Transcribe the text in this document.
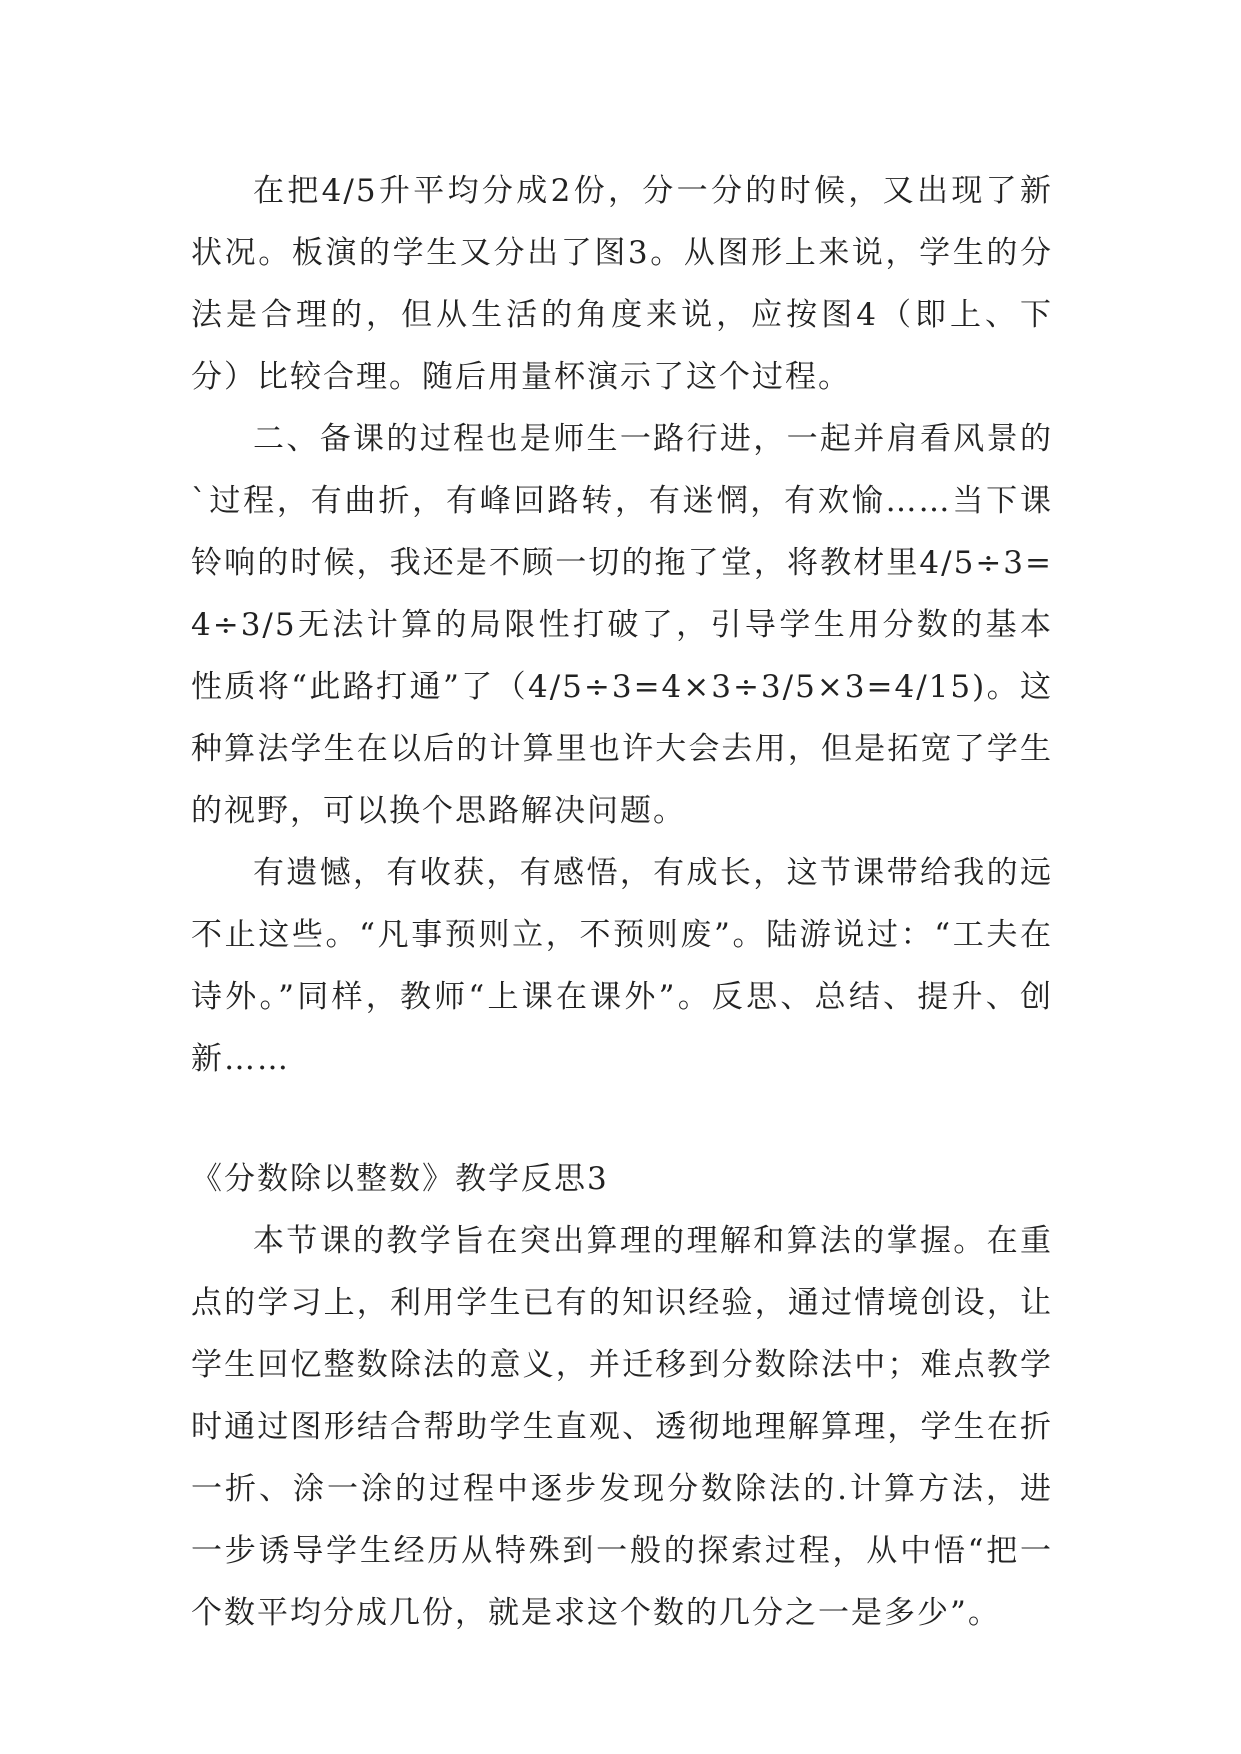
在把4/5升平均分成2份，分一分的时候，又出现了新状况。板演的学生又分出了图3。从图形上来说，学生的分法是合理的，但从生活的角度来说，应按图4（即上、下分）比较合理。随后用量杯演示了这个过程。

二、备课的过程也是师生一路行进，一起并肩看风景的`过程，有曲折，有峰回路转，有迷惘，有欢愉……当下课铃响的时候，我还是不顾一切的拖了堂，将教材里4/5÷3=4÷3/5无法计算的局限性打破了，引导学生用分数的基本性质将“此路打通”了（4/5÷3=4×3÷3/5×3=4/15)。这种算法学生在以后的计算里也许大会去用，但是拓宽了学生的视野，可以换个思路解决问题。

有遗憾，有收获，有感悟，有成长，这节课带给我的远不止这些。“凡事预则立，不预则废”。陆游说过：“工夫在诗外。”同样，教师“上课在课外”。反思、总结、提升、创新……

《分数除以整数》教学反思3

本节课的教学旨在突出算理的理解和算法的掌握。在重点的学习上，利用学生已有的知识经验，通过情境创设，让学生回忆整数除法的意义，并迁移到分数除法中；难点教学时通过图形结合帮助学生直观、透彻地理解算理，学生在折一折、涂一涂的过程中逐步发现分数除法的.计算方法，进一步诱导学生经历从特殊到一般的探索过程，从中悟“把一个数平均分成几份，就是求这个数的几分之一是多少”。
